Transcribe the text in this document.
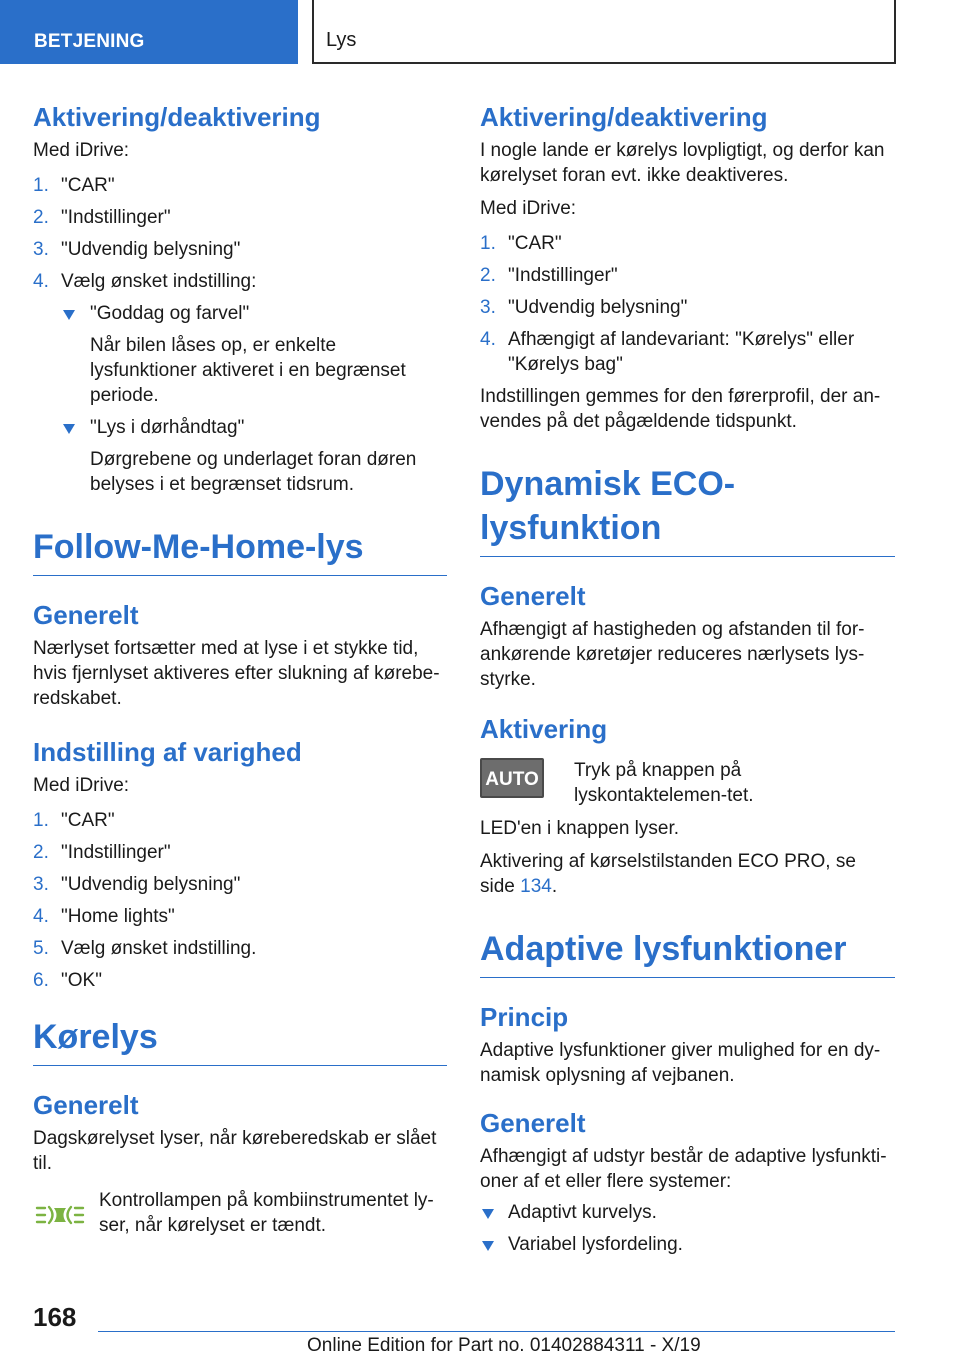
BETJENING	Lys
Aktivering/deaktivering

Med iDrive:

1. "CAR"
2. "Indstillinger"
3. "Udvendig belysning"
4. Vælg ønsket indstilling:
"Goddag og farvel"
Når bilen låses op, er enkelte lysfunktioner aktiveret i en begrænset periode.
"Lys i dørhåndtag"
Dørgrebene og underlaget foran døren belyses i et begrænset tidsrum.
Follow-Me-Home-lys
Generelt

Nærlyset fortsætter med at lyse i et stykke tid, hvis fjernlyset aktiveres efter slukning af kørebe-redskabet.

Indstilling af varighed

Med iDrive:

1. "CAR"
2. "Indstillinger"
3. "Udvendig belysning"
4. "Home lights"
5. Vælg ønsket indstilling.
6. "OK"
Kørelys
Generelt

Dagskørelyset lyser, når køreberedskab er slået til.

Kontrollampen på kombiinstrumentet ly-ser, når kørelyset er tændt.

Aktivering/deaktivering

I nogle lande er kørelys lovpligtigt, og derfor kan kørelyset foran evt. ikke deaktiveres.

Med iDrive:

1. "CAR"
2. "Indstillinger"
3. "Udvendig belysning"
4. Afhængigt af landevariant: "Kørelys" eller "Kørelys bag"

Indstillingen gemmes for den førerprofil, der an-vendes på det pågældende tidspunkt.

Dynamisk ECO-lysfunktion
Generelt

Afhængigt af hastigheden og afstanden til for-ankørende køretøjer reduceres nærlysets lys-styrke.

Aktivering
AUTO Tryk på knappen på lyskontaktelemen-tet.

LED'en i knappen lyser.

Aktivering af kørselstilstanden ECO PRO, se side 134.

Adaptive lysfunktioner
Princip

Adaptive lysfunktioner giver mulighed for en dy-namisk oplysning af vejbanen.

Generelt

Afhængigt af udstyr består de adaptive lysfunkti-oner af et eller flere systemer:

Adaptivt kurvelys.
Variabel lysfordeling.
168
Online Edition for Part no. 01402884311 - X/19
